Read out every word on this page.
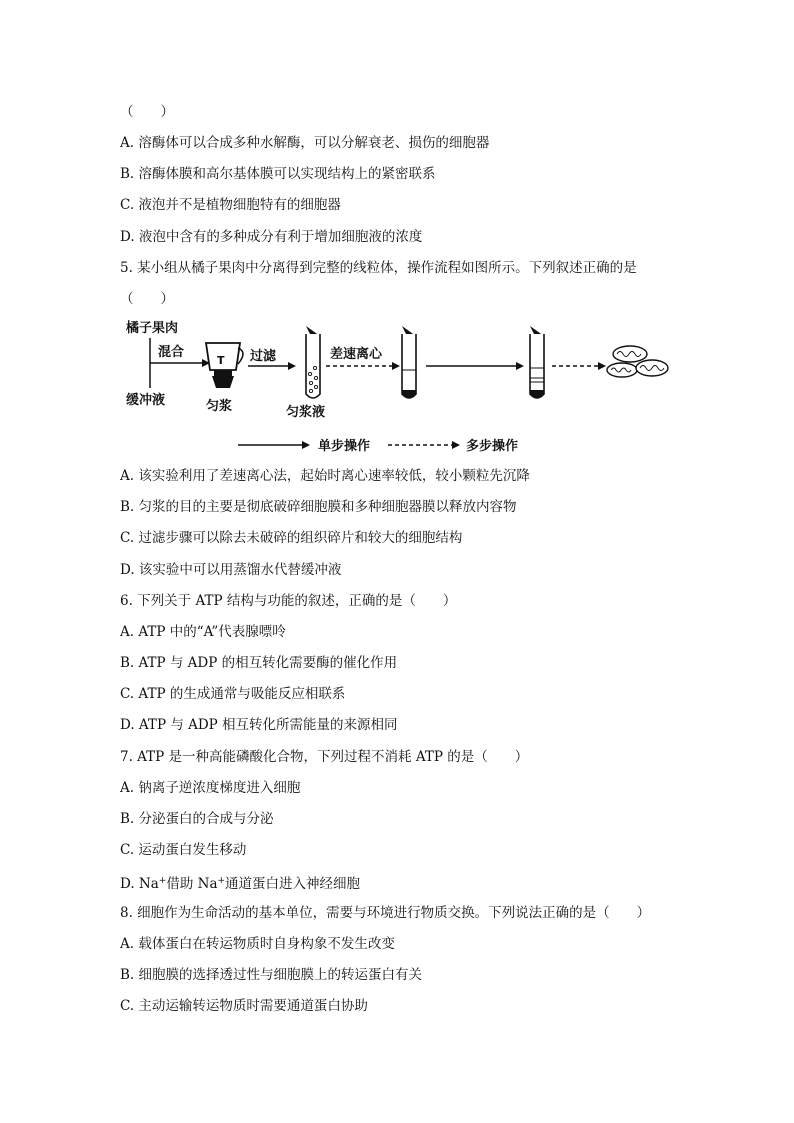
（　　）
A. 溶酶体可以合成多种水解酶，可以分解衰老、损伤的细胞器
B. 溶酶体膜和高尔基体膜可以实现结构上的紧密联系
C. 液泡并不是植物细胞特有的细胞器
D. 液泡中含有的多种成分有利于增加细胞液的浓度
5. 某小组从橘子果肉中分离得到完整的线粒体，操作流程如图所示。下列叙述正确的是
（　　）
橘子果肉
缓冲液
混合
T
匀浆
过滤
匀浆液
差速离心
单步操作	多步操作
A. 该实验利用了差速离心法，起始时离心速率较低，较小颗粒先沉降
B. 匀浆的目的主要是彻底破碎细胞膜和多种细胞器膜以释放内容物
C. 过滤步骤可以除去未破碎的组织碎片和较大的细胞结构
D. 该实验中可以用蒸馏水代替缓冲液
6. 下列关于 ATP 结构与功能的叙述，正确的是（　　）
A. ATP 中的“A”代表腺嘌呤
B. ATP 与 ADP 的相互转化需要酶的催化作用
C. ATP 的生成通常与吸能反应相联系
D. ATP 与 ADP 相互转化所需能量的来源相同
7. ATP 是一种高能磷酸化合物，下列过程不消耗 ATP 的是（　　）
A. 钠离子逆浓度梯度进入细胞
B. 分泌蛋白的合成与分泌
C. 运动蛋白发生移动
D. Na+借助 Na+通道蛋白进入神经细胞
8. 细胞作为生命活动的基本单位，需要与环境进行物质交换。下列说法正确的是（　　）
A. 载体蛋白在转运物质时自身构象不发生改变
B. 细胞膜的选择透过性与细胞膜上的转运蛋白有关
C. 主动运输转运物质时需要通道蛋白协助
